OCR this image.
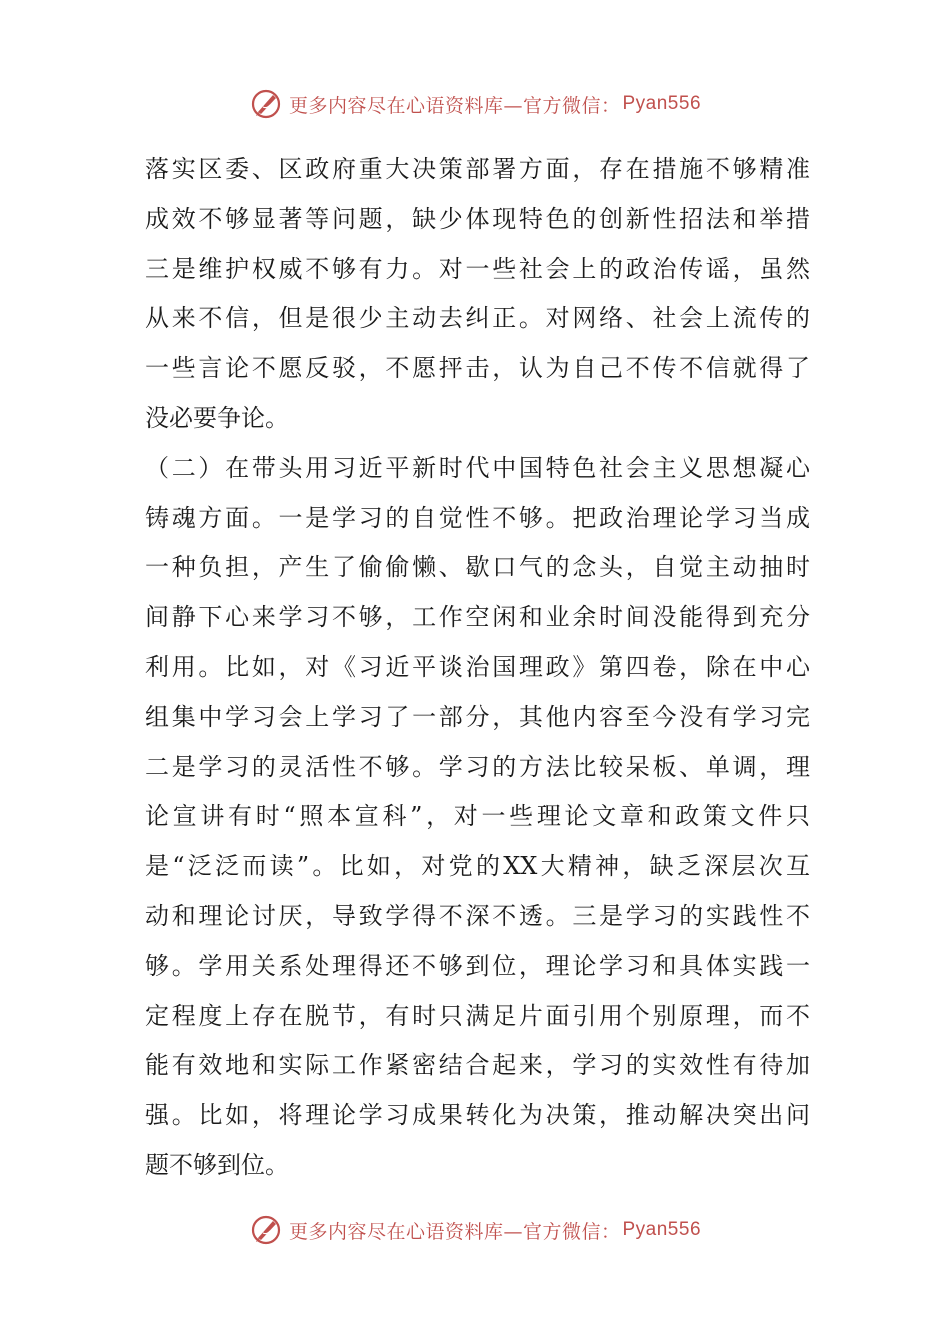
更多内容尽在心语资料库—官方微信： Pyan556
落实区委、区政府重大决策部署方面，存在措施不够精准
成效不够显著等问题，缺少体现特色的创新性招法和举措
三是维护权威不够有力。对一些社会上的政治传谣，虽然
从来不信，但是很少主动去纠正。对网络、社会上流传的
一些言论不愿反驳，不愿抨击，认为自己不传不信就得了
没必要争论。
（二）在带头用习近平新时代中国特色社会主义思想凝心
铸魂方面。一是学习的自觉性不够。把政治理论学习当成
一种负担，产生了偷偷懒、歇口气的念头，自觉主动抽时
间静下心来学习不够，工作空闲和业余时间没能得到充分
利用。比如，对《习近平谈治国理政》第四卷，除在中心
组集中学习会上学习了一部分，其他内容至今没有学习完
二是学习的灵活性不够。学习的方法比较呆板、单调，理
论宣讲有时“照本宣科”，对一些理论文章和政策文件只
是“泛泛而读”。比如，对党的XX大精神，缺乏深层次互
动和理论讨厌，导致学得不深不透。三是学习的实践性不
够。学用关系处理得还不够到位，理论学习和具体实践一
定程度上存在脱节，有时只满足片面引用个别原理，而不
能有效地和实际工作紧密结合起来，学习的实效性有待加
强。比如，将理论学习成果转化为决策，推动解决突出问
题不够到位。
更多内容尽在心语资料库—官方微信： Pyan556
